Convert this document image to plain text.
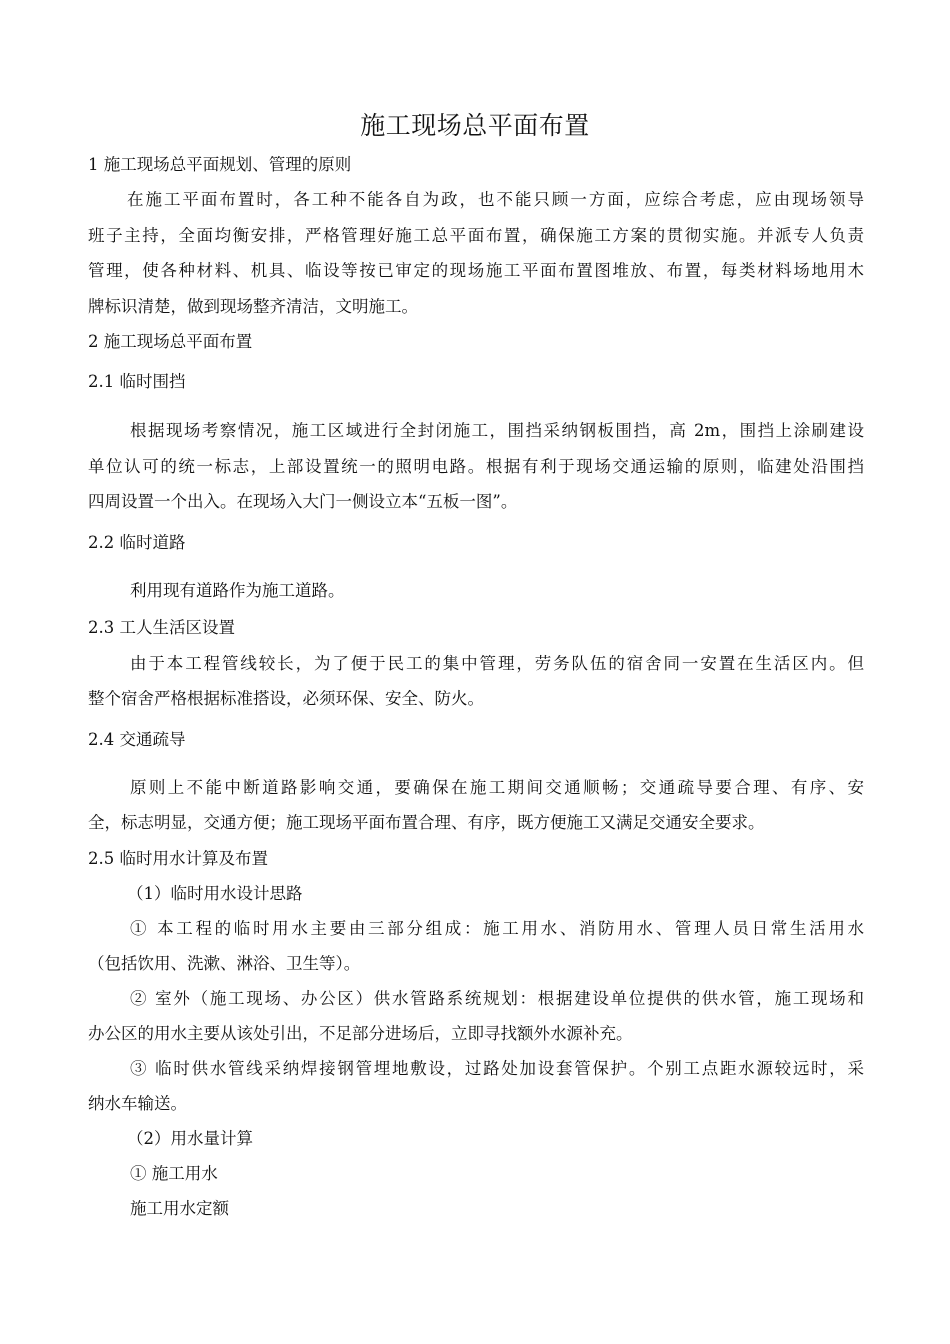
施工现场总平面布置
1 施工现场总平面规划、管理的原则
在施工平面布置时，各工种不能各自为政，也不能只顾一方面，应综合考虑，应由现场领导
班子主持，全面均衡安排，严格管理好施工总平面布置，确保施工方案的贯彻实施。并派专人负责
管理，使各种材料、机具、临设等按已审定的现场施工平面布置图堆放、布置，每类材料场地用木
牌标识清楚，做到现场整齐清洁，文明施工。
2 施工现场总平面布置
2.1 临时围挡
根据现场考察情况，施工区域进行全封闭施工，围挡采纳钢板围挡，高 2m，围挡上涂刷建设
单位认可的统一标志，上部设置统一的照明电路。根据有利于现场交通运输的原则，临建处沿围挡
四周设置一个出入。在现场入大门一侧设立本“五板一图”。
2.2 临时道路
利用现有道路作为施工道路。
2.3 工人生活区设置
由于本工程管线较长，为了便于民工的集中管理，劳务队伍的宿舍同一安置在生活区内。但
整个宿舍严格根据标准搭设，必须环保、安全、防火。
2.4 交通疏导
原则上不能中断道路影响交通，要确保在施工期间交通顺畅；交通疏导要合理、有序、安
全，标志明显，交通方便；施工现场平面布置合理、有序，既方便施工又满足交通安全要求。
2.5 临时用水计算及布置
（1）临时用水设计思路
① 本工程的临时用水主要由三部分组成：施工用水、消防用水、管理人员日常生活用水
（包括饮用、洗漱、淋浴、卫生等）。
② 室外（施工现场、办公区）供水管路系统规划：根据建设单位提供的供水管，施工现场和
办公区的用水主要从该处引出，不足部分进场后，立即寻找额外水源补充。
③ 临时供水管线采纳焊接钢管埋地敷设，过路处加设套管保护。个别工点距水源较远时，采
纳水车输送。
（2）用水量计算
① 施工用水
施工用水定额
